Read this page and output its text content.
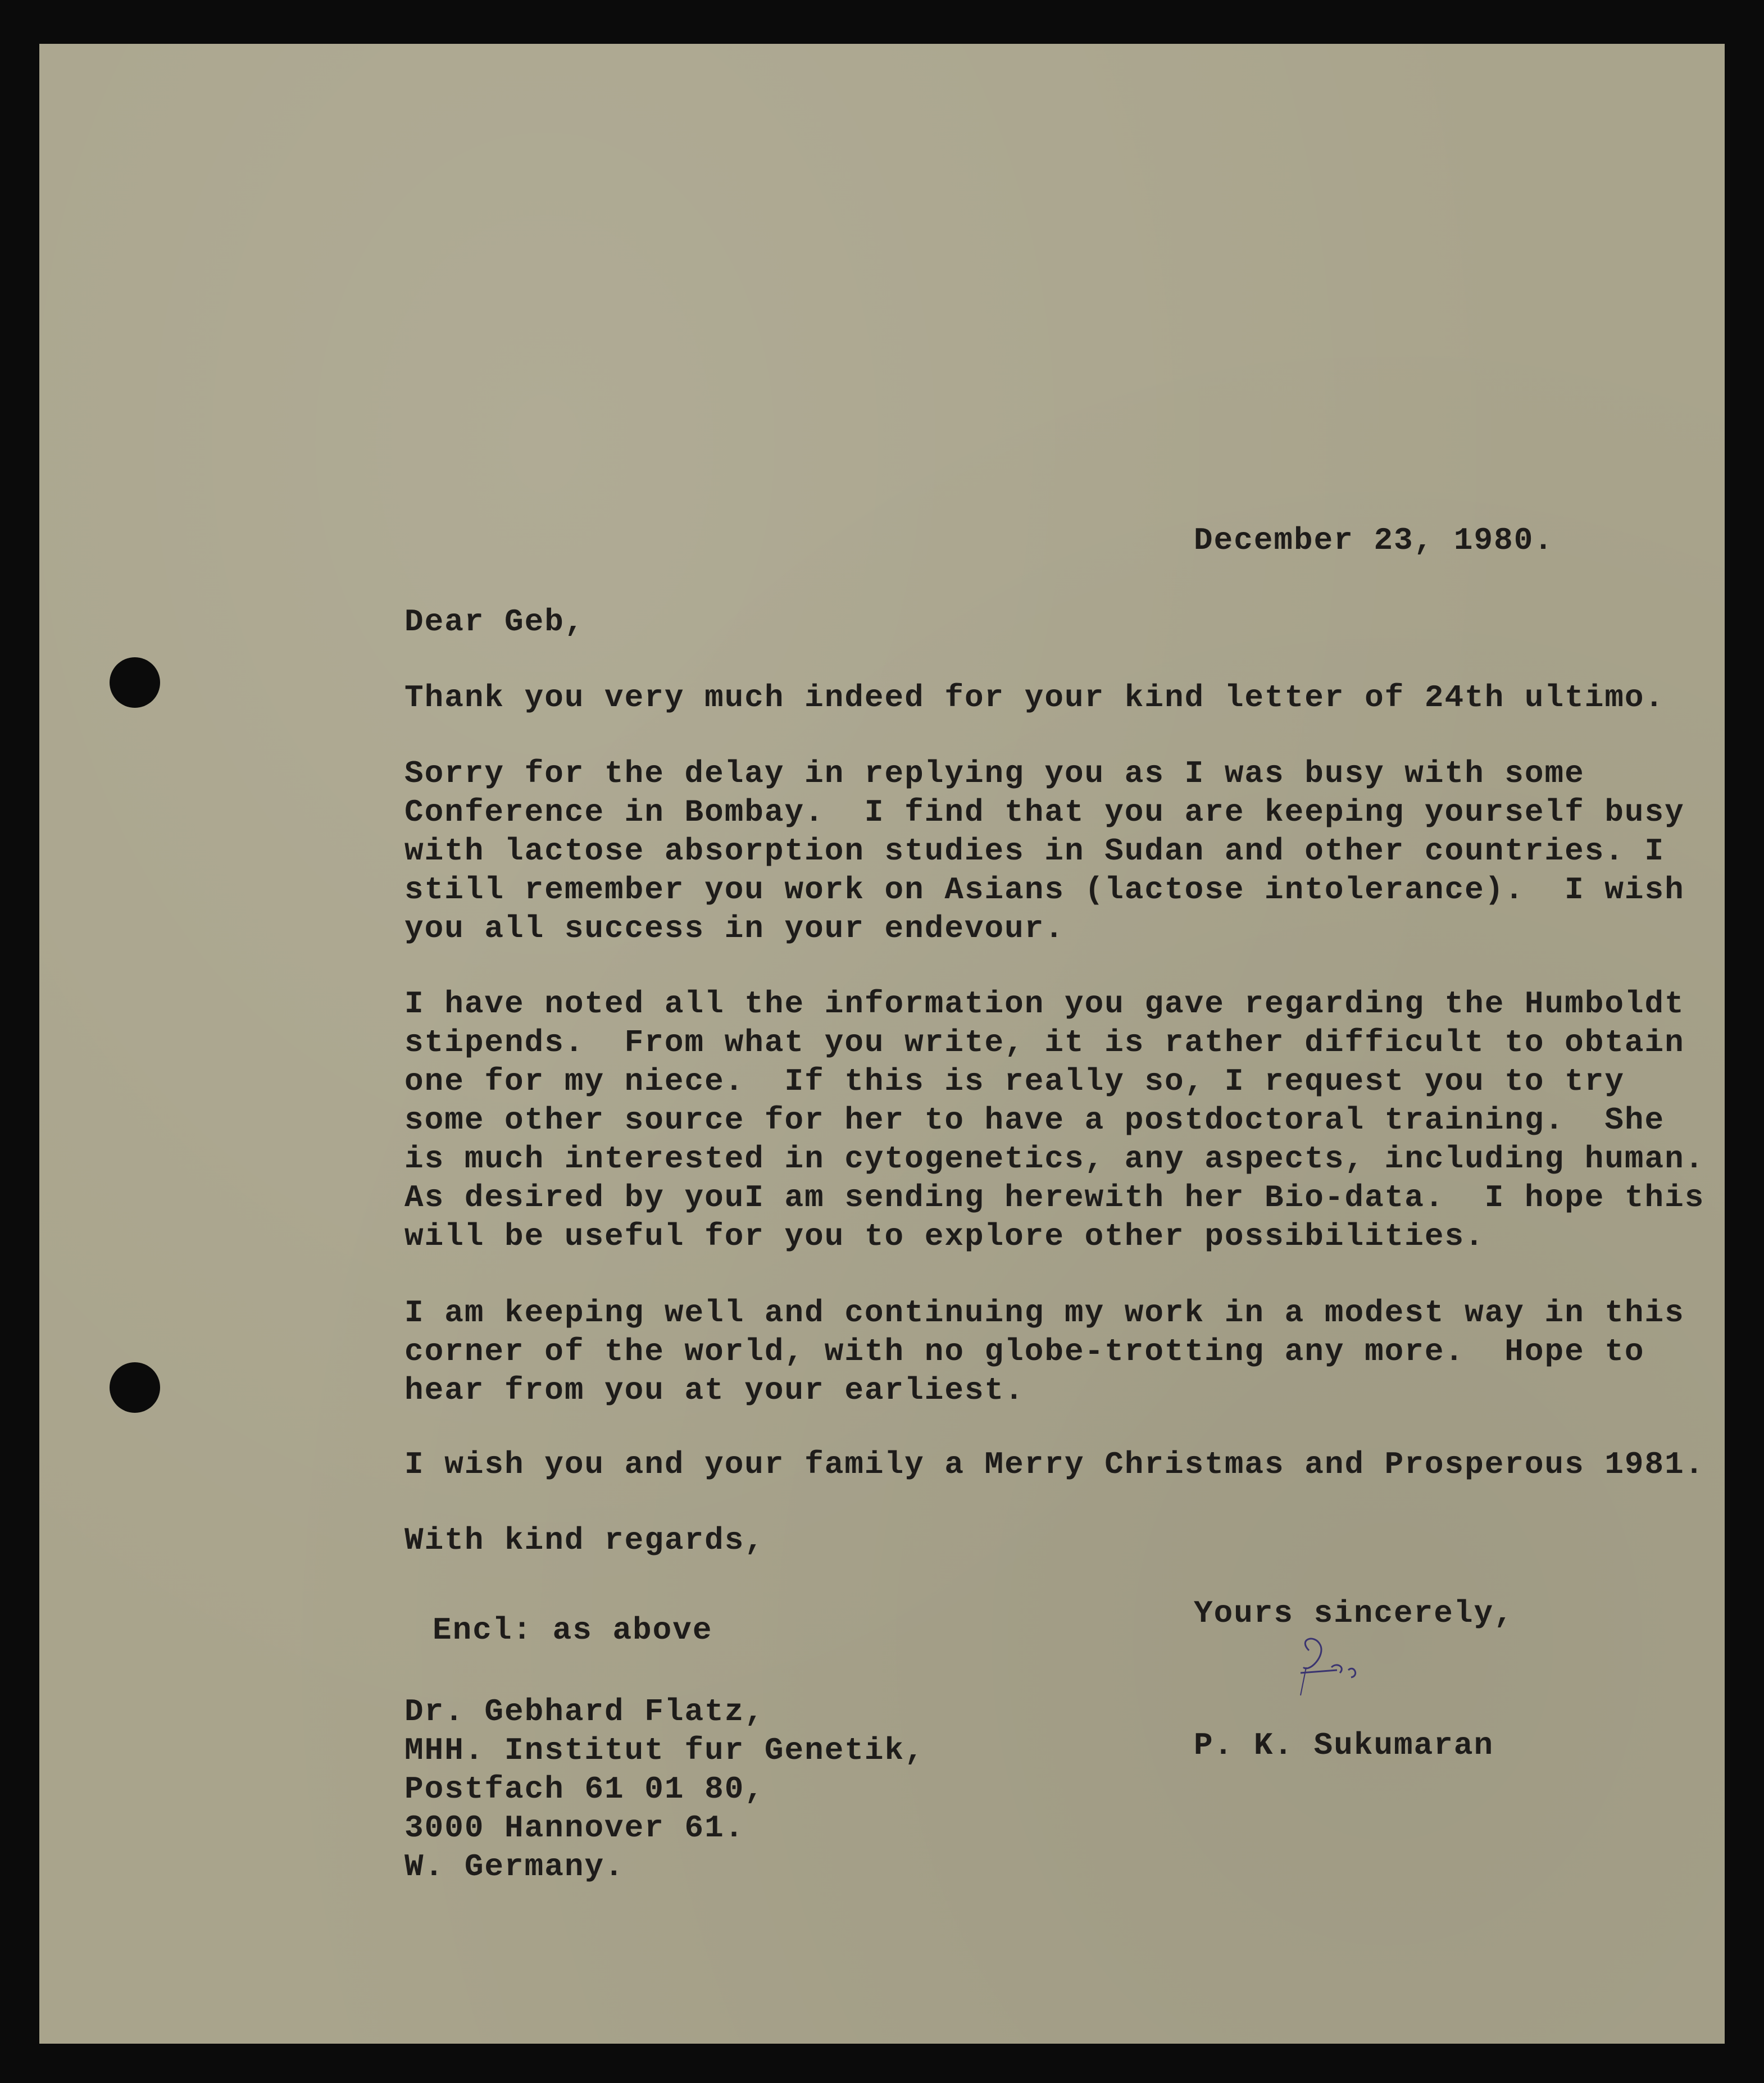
December 23, 1980.
Dear Geb,
Thank you very much indeed for your kind letter of 24th ultimo.
Sorry for the delay in replying you as I was busy with some
Conference in Bombay.  I find that you are keeping yourself busy
with lactose absorption studies in Sudan and other countries. I
still remember you work on Asians (lactose intolerance).  I wish
you all success in your endevour.
I have noted all the information you gave regarding the Humboldt
stipends.  From what you write, it is rather difficult to obtain
one for my niece.  If this is really so, I request you to try
some other source for her to have a postdoctoral training.  She
is much interested in cytogenetics, any aspects, including human.
As desired by youI am sending herewith her Bio-data.  I hope this
will be useful for you to explore other possibilities.
I am keeping well and continuing my work in a modest way in this
corner of the world, with no globe-trotting any more.  Hope to
hear from you at your earliest.
I wish you and your family a Merry Christmas and Prosperous 1981.
With kind regards,
Encl: as above	Yours sincerely,
P. K. Sukumaran
Dr. Gebhard Flatz,
MHH. Institut fur Genetik,
Postfach 61 01 80,
3000 Hannover 61.
W. Germany.
